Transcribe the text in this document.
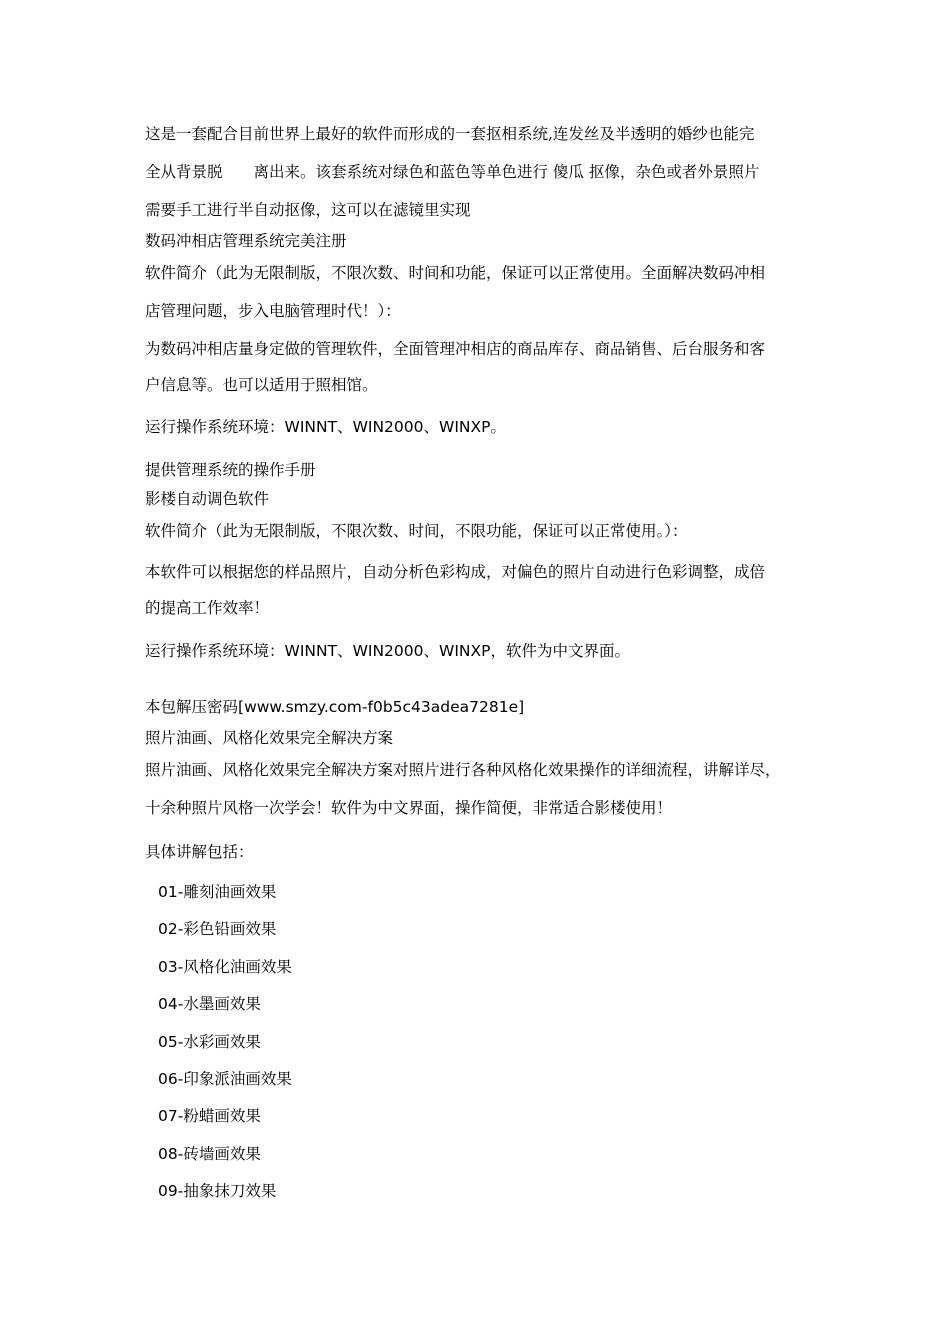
这是一套配合目前世界上最好的软件而形成的一套抠相系统,连发丝及半透明的婚纱也能完
全从背景脱　　离出来。该套系统对绿色和蓝色等单色进行 傻瓜 抠像，杂色或者外景照片
需要手工进行半自动抠像，这可以在滤镜里实现
数码冲相店管理系统完美注册
软件简介（此为无限制版，不限次数、时间和功能，保证可以正常使用。全面解决数码冲相
店管理问题，步入电脑管理时代！）：
为数码冲相店量身定做的管理软件，全面管理冲相店的商品库存、商品销售、后台服务和客
户信息等。也可以适用于照相馆。
运行操作系统环境：WINNT、WIN2000、WINXP。
提供管理系统的操作手册
影楼自动调色软件
软件简介（此为无限制版，不限次数、时间，不限功能，保证可以正常使用。）：
本软件可以根据您的样品照片，自动分析色彩构成，对偏色的照片自动进行色彩调整，成倍
的提高工作效率！
运行操作系统环境：WINNT、WIN2000、WINXP，软件为中文界面。
本包解压密码[www.smzy.com-f0b5c43adea7281e]
照片油画、风格化效果完全解决方案
照片油画、风格化效果完全解决方案对照片进行各种风格化效果操作的详细流程，讲解详尽，
十余种照片风格一次学会！软件为中文界面，操作简便，非常适合影楼使用！
具体讲解包括：
01-雕刻油画效果
02-彩色铅画效果
03-风格化油画效果
04-水墨画效果
05-水彩画效果
06-印象派油画效果
07-粉蜡画效果
08-砖墙画效果
09-抽象抹刀效果
